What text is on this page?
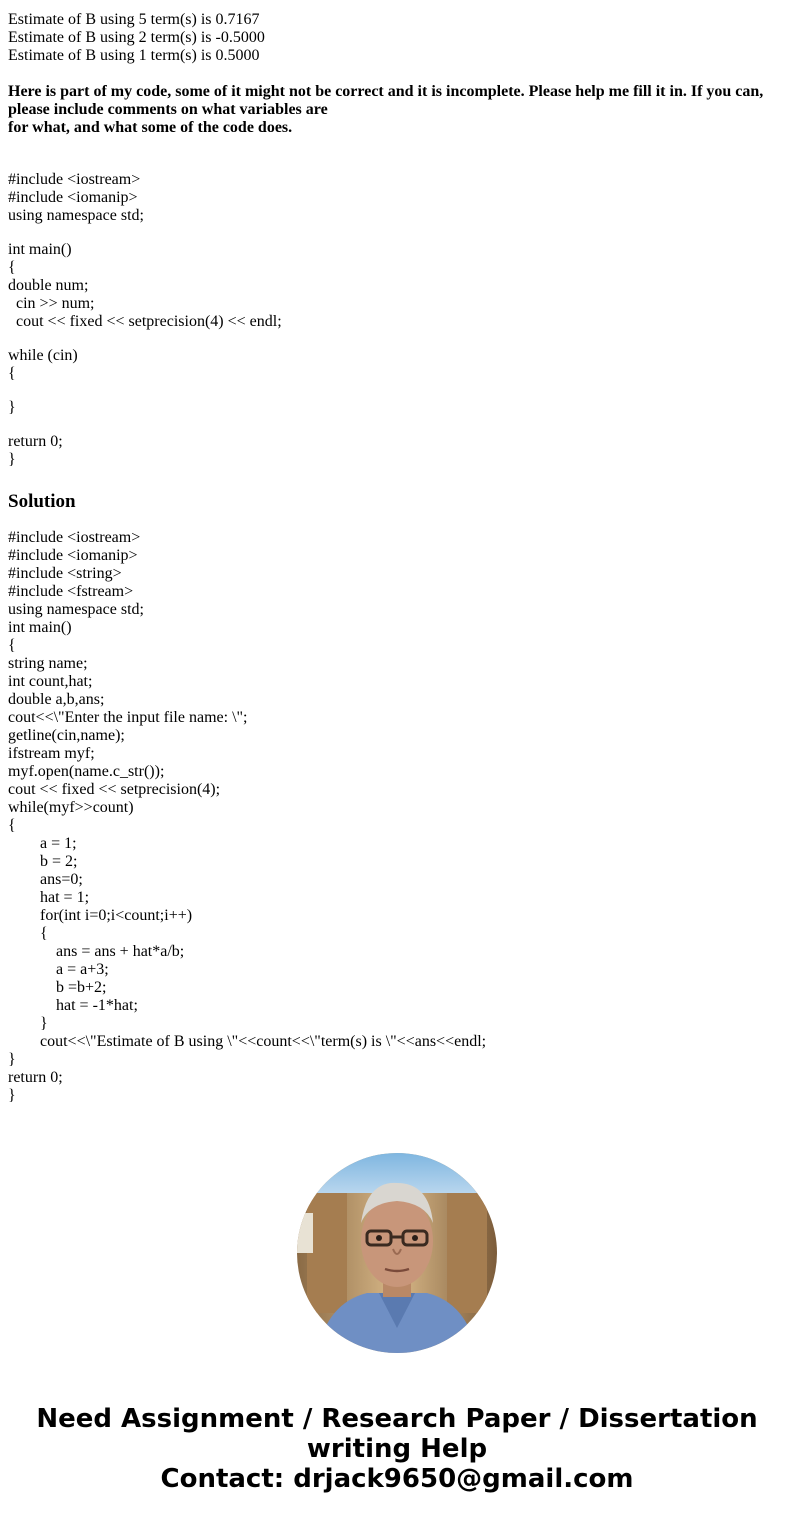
Estimate of B using 5 term(s) is 0.7167
Estimate of B using 2 term(s) is -0.5000
Estimate of B using 1 term(s) is 0.5000

Here is part of my code, some of it might not be correct and it is incomplete. Please help me fill it in. If you can,
please include comments on what variables are
for what, and what some of the code does.

#include <iostream>
#include <iomanip>
using namespace std;
int main()
{
double num;
cin >> num;
cout << fixed << setprecision(4) << endl;
while (cin)
{
}
return 0;
}
Solution
#include <iostream>
#include <iomanip>
#include <string>
#include <fstream>
using namespace std;
int main()
{
string name;
int count,hat;
double a,b,ans;
cout<<\"Enter the input file name: \";
getline(cin,name);
ifstream myf;
myf.open(name.c_str());
cout << fixed << setprecision(4);
while(myf>>count)
{
a = 1;
b = 2;
ans=0;
hat = 1;
for(int i=0;i<count;i++)
{
ans = ans + hat*a/b;
a = a+3;
b =b+2;
hat = -1*hat;
}
cout<<\"Estimate of B using \"<<count<<\"term(s) is \"<<ans<<endl;
}
return 0;
}
Need Assignment / Research Paper / Dissertation
writing Help
Contact: drjack9650@gmail.com
